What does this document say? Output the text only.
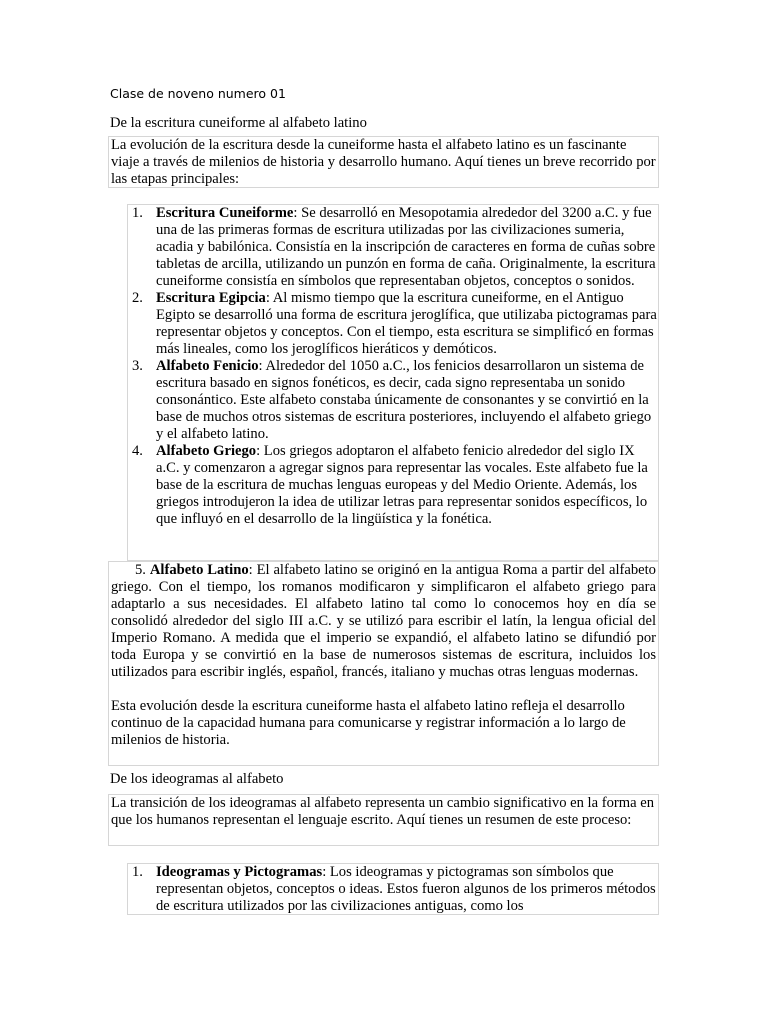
Clase de noveno numero 01
De la escritura cuneiforme al alfabeto latino
La evolución de la escritura desde la cuneiforme hasta el alfabeto latino es un fascinante viaje a través de milenios de historia y desarrollo humano. Aquí tienes un breve recorrido por las etapas principales:
1. Escritura Cuneiforme: Se desarrolló en Mesopotamia alrededor del 3200 a.C. y fue una de las primeras formas de escritura utilizadas por las civilizaciones sumeria, acadia y babilónica. Consistía en la inscripción de caracteres en forma de cuñas sobre tabletas de arcilla, utilizando un punzón en forma de caña. Originalmente, la escritura cuneiforme consistía en símbolos que representaban objetos, conceptos o sonidos.
2. Escritura Egipcia: Al mismo tiempo que la escritura cuneiforme, en el Antiguo Egipto se desarrolló una forma de escritura jeroglífica, que utilizaba pictogramas para representar objetos y conceptos. Con el tiempo, esta escritura se simplificó en formas más lineales, como los jeroglíficos hieráticos y demóticos.
3. Alfabeto Fenicio: Alrededor del 1050 a.C., los fenicios desarrollaron un sistema de escritura basado en signos fonéticos, es decir, cada signo representaba un sonido consonántico. Este alfabeto constaba únicamente de consonantes y se convirtió en la base de muchos otros sistemas de escritura posteriores, incluyendo el alfabeto griego y el alfabeto latino.
4. Alfabeto Griego: Los griegos adoptaron el alfabeto fenicio alrededor del siglo IX a.C. y comenzaron a agregar signos para representar las vocales. Este alfabeto fue la base de la escritura de muchas lenguas europeas y del Medio Oriente. Además, los griegos introdujeron la idea de utilizar letras para representar sonidos específicos, lo que influyó en el desarrollo de la lingüística y la fonética.
5. Alfabeto Latino: El alfabeto latino se originó en la antigua Roma a partir del alfabeto griego. Con el tiempo, los romanos modificaron y simplificaron el alfabeto griego para adaptarlo a sus necesidades. El alfabeto latino tal como lo conocemos hoy en día se consolidó alrededor del siglo III a.C. y se utilizó para escribir el latín, la lengua oficial del Imperio Romano. A medida que el imperio se expandió, el alfabeto latino se difundió por toda Europa y se convirtió en la base de numerosos sistemas de escritura, incluidos los utilizados para escribir inglés, español, francés, italiano y muchas otras lenguas modernas.
Esta evolución desde la escritura cuneiforme hasta el alfabeto latino refleja el desarrollo continuo de la capacidad humana para comunicarse y registrar información a lo largo de milenios de historia.
De los ideogramas al alfabeto
La transición de los ideogramas al alfabeto representa un cambio significativo en la forma en que los humanos representan el lenguaje escrito. Aquí tienes un resumen de este proceso:
1. Ideogramas y Pictogramas: Los ideogramas y pictogramas son símbolos que representan objetos, conceptos o ideas. Estos fueron algunos de los primeros métodos de escritura utilizados por las civilizaciones antiguas, como los
